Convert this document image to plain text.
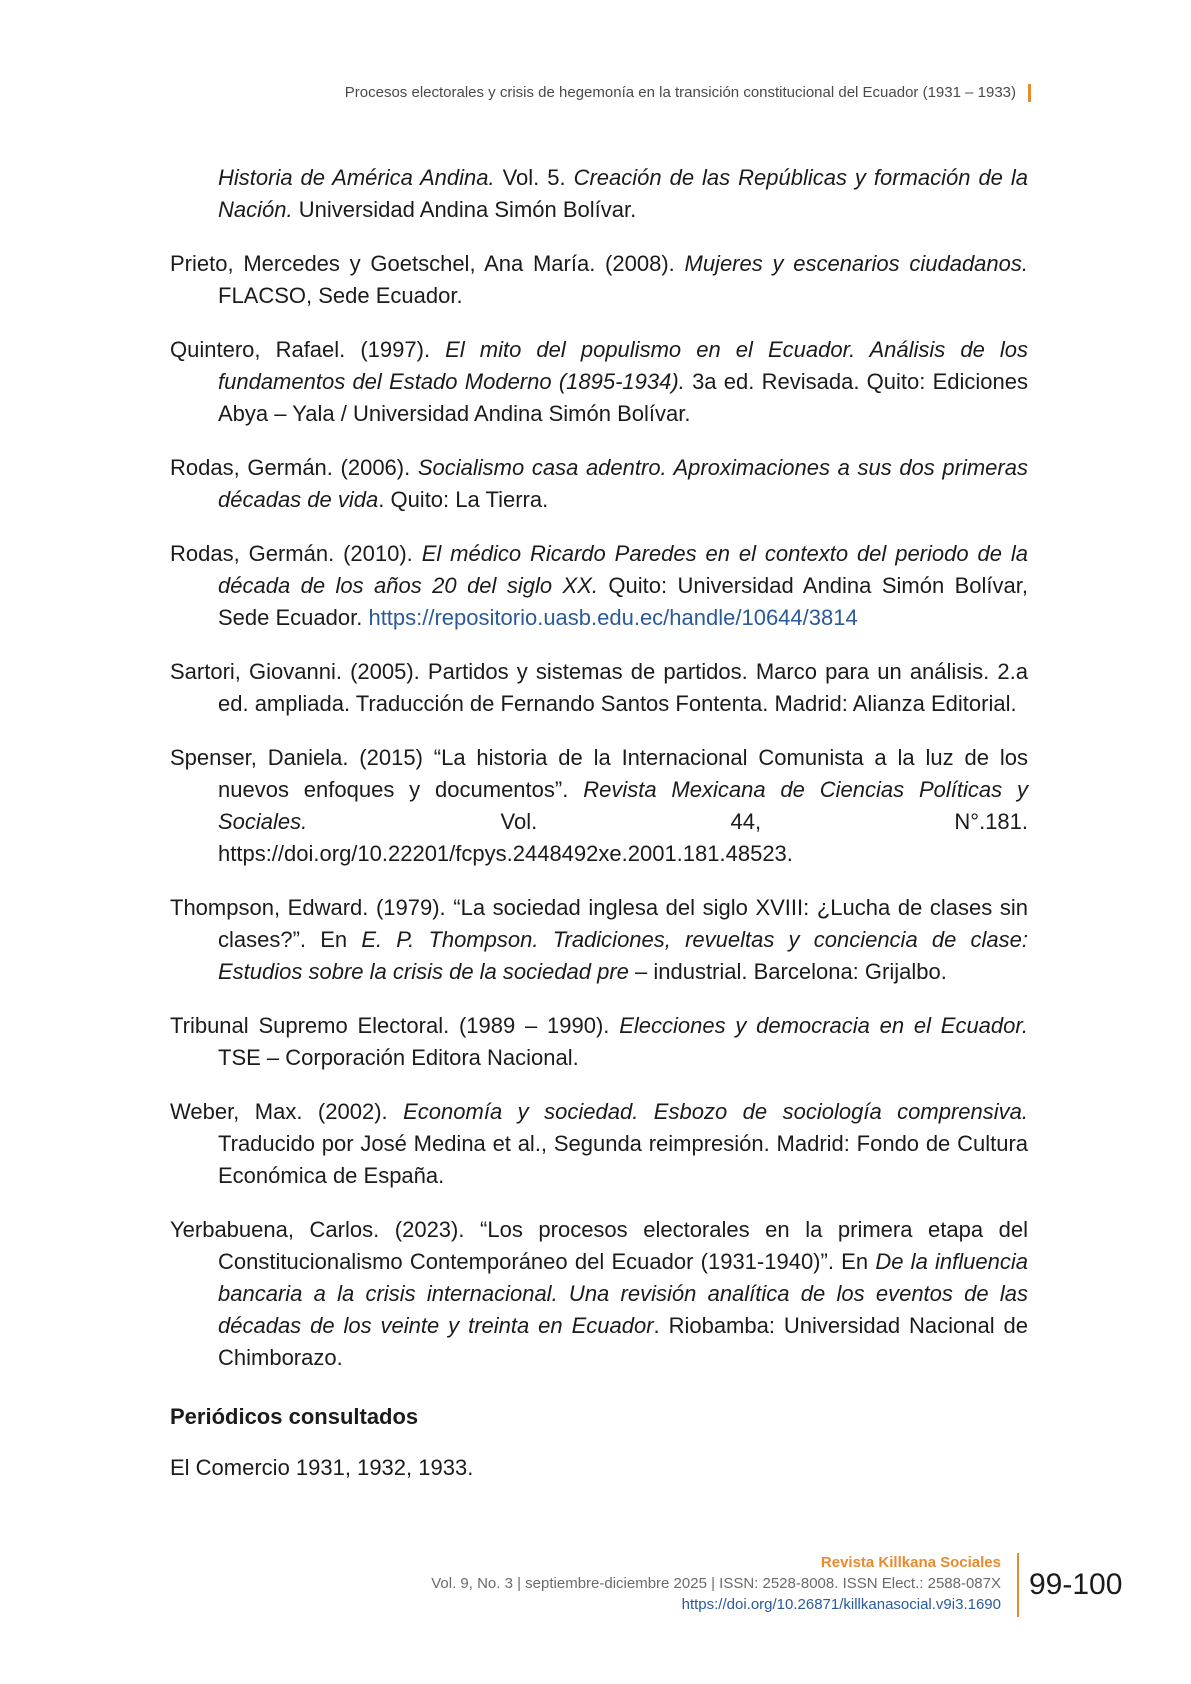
Procesos electorales y crisis de hegemonía en la transición constitucional del Ecuador (1931 – 1933)

Historia de América Andina. Vol. 5. Creación de las Repúblicas y formación de la Nación. Universidad Andina Simón Bolívar.

Prieto, Mercedes y Goetschel, Ana María. (2008). Mujeres y escenarios ciudadanos. FLACSO, Sede Ecuador.

Quintero, Rafael. (1997). El mito del populismo en el Ecuador. Análisis de los fundamentos del Estado Moderno (1895-1934). 3a ed. Revisada. Quito: Ediciones Abya – Yala / Universidad Andina Simón Bolívar.

Rodas, Germán. (2006). Socialismo casa adentro. Aproximaciones a sus dos primeras décadas de vida. Quito: La Tierra.

Rodas, Germán. (2010). El médico Ricardo Paredes en el contexto del periodo de la década de los años 20 del siglo XX. Quito: Universidad Andina Simón Bolívar, Sede Ecuador. https://repositorio.uasb.edu.ec/handle/10644/3814

Sartori, Giovanni. (2005). Partidos y sistemas de partidos. Marco para un análisis. 2.a ed. ampliada. Traducción de Fernando Santos Fontenta. Madrid: Alianza Editorial.

Spenser, Daniela. (2015) “La historia de la Internacional Comunista a la luz de los nuevos enfoques y documentos”. Revista Mexicana de Ciencias Políticas y Sociales. Vol. 44, N°.181. https://doi.org/10.22201/fcpys.2448492xe.2001.181.48523.

Thompson, Edward. (1979). “La sociedad inglesa del siglo XVIII: ¿Lucha de clases sin clases?”. En E. P. Thompson. Tradiciones, revueltas y conciencia de clase: Estudios sobre la crisis de la sociedad pre – industrial. Barcelona: Grijalbo.

Tribunal Supremo Electoral. (1989 – 1990). Elecciones y democracia en el Ecuador. TSE – Corporación Editora Nacional.

Weber, Max. (2002). Economía y sociedad. Esbozo de sociología comprensiva. Traducido por José Medina et al., Segunda reimpresión. Madrid: Fondo de Cultura Económica de España.

Yerbabuena, Carlos. (2023). “Los procesos electorales en la primera etapa del Constitucionalismo Contemporáneo del Ecuador (1931-1940)”. En De la influencia bancaria a la crisis internacional. Una revisión analítica de los eventos de las décadas de los veinte y treinta en Ecuador. Riobamba: Universidad Nacional de Chimborazo.

Periódicos consultados

El Comercio 1931, 1932, 1933.

Revista Killkana Sociales
Vol. 9, No. 3 | septiembre-diciembre 2025 | ISSN: 2528-8008. ISSN Elect.: 2588-087X
https://doi.org/10.26871/killkanasocial.v9i3.1690
99-100
